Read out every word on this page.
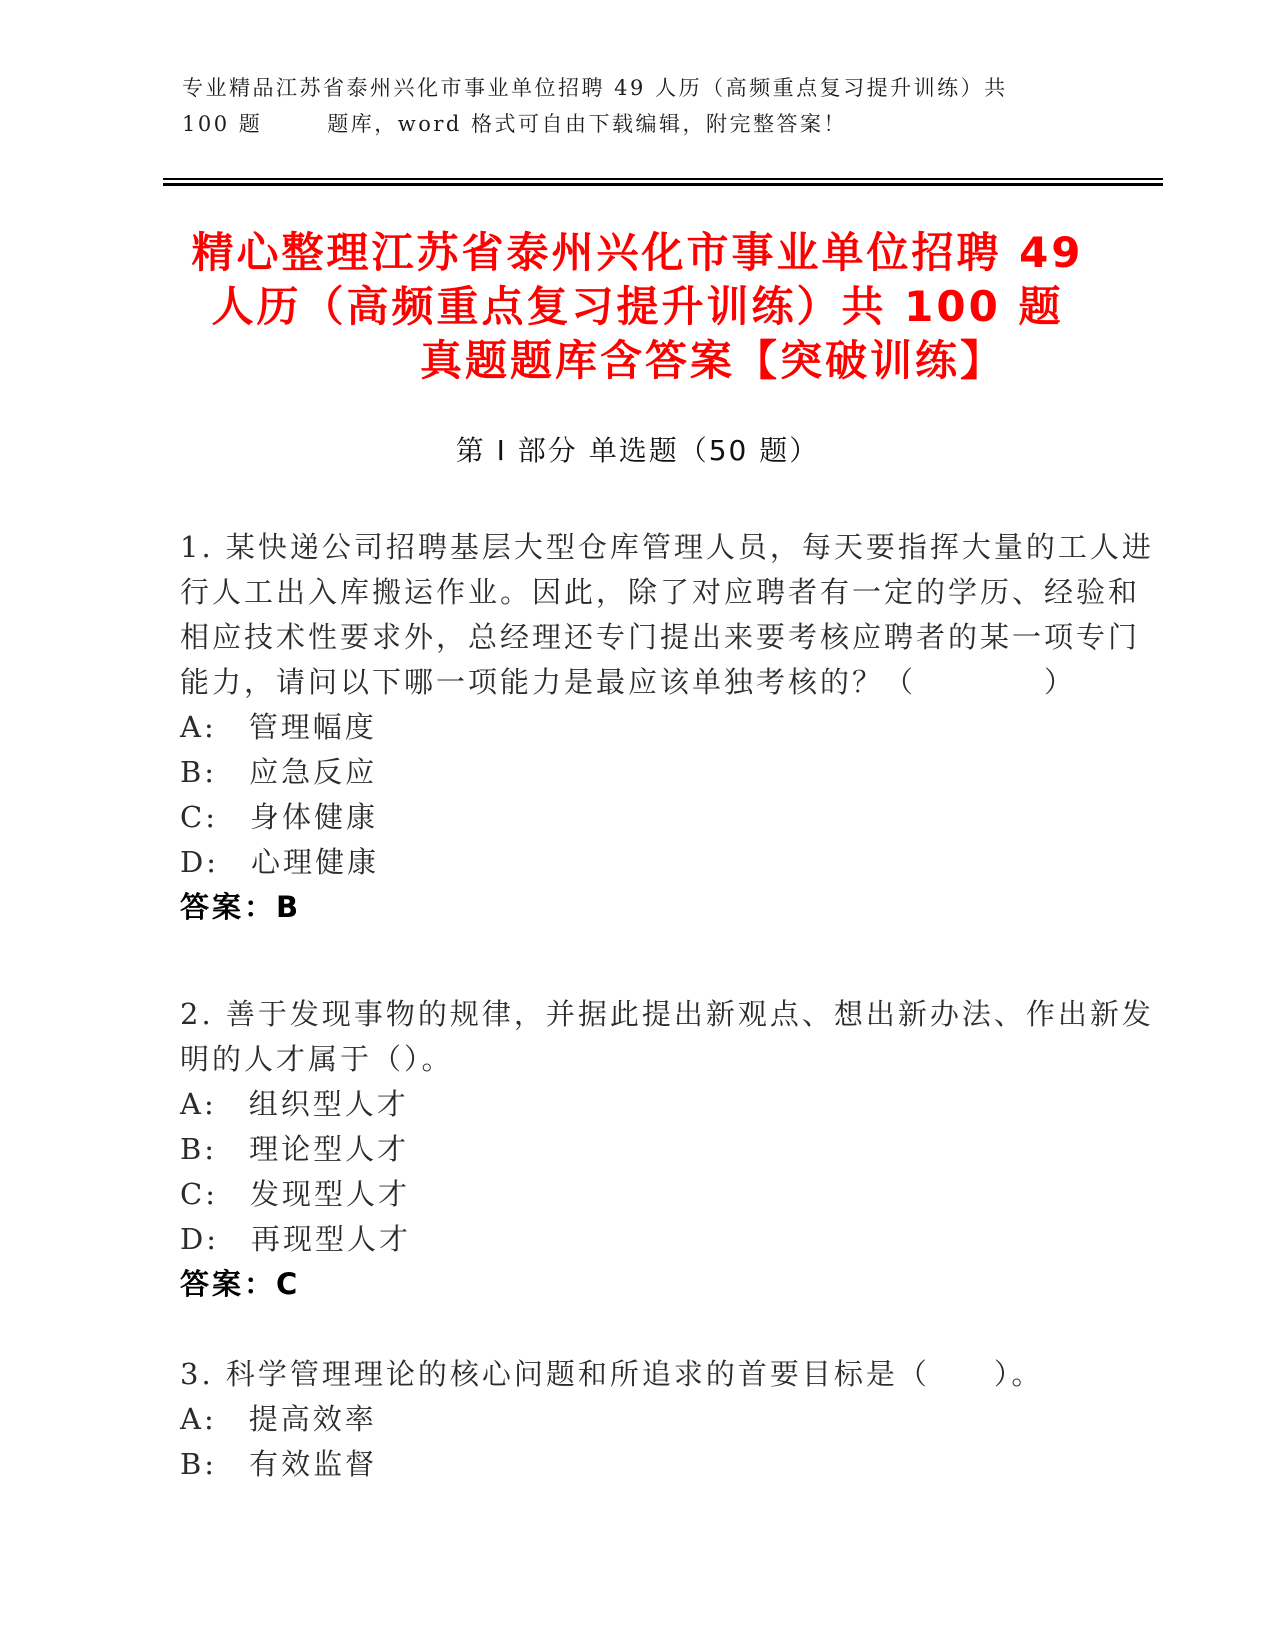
专业精品江苏省泰州兴化市事业单位招聘 49 人历（高频重点复习提升训练）共
100 题	题库，word 格式可自由下载编辑，附完整答案！
精心整理江苏省泰州兴化市事业单位招聘 49
人历（高频重点复习提升训练）共 100 题
真题题库含答案【突破训练】
第 I 部分 单选题（50 题）
1. 某快递公司招聘基层大型仓库管理人员，每天要指挥大量的工人进
行人工出入库搬运作业。因此，除了对应聘者有一定的学历、经验和
相应技术性要求外，总经理还专门提出来要考核应聘者的某一项专门
能力，请问以下哪一项能力是最应该单独考核的？（　　　　）
A:　管理幅度
B:　应急反应
C:　身体健康
D:　心理健康
答案：B
2. 善于发现事物的规律，并据此提出新观点、想出新办法、作出新发
明的人才属于（）。
A:　组织型人才
B:　理论型人才
C:　发现型人才
D:　再现型人才
答案：C
3. 科学管理理论的核心问题和所追求的首要目标是（　　）。
A:　提高效率
B:　有效监督
